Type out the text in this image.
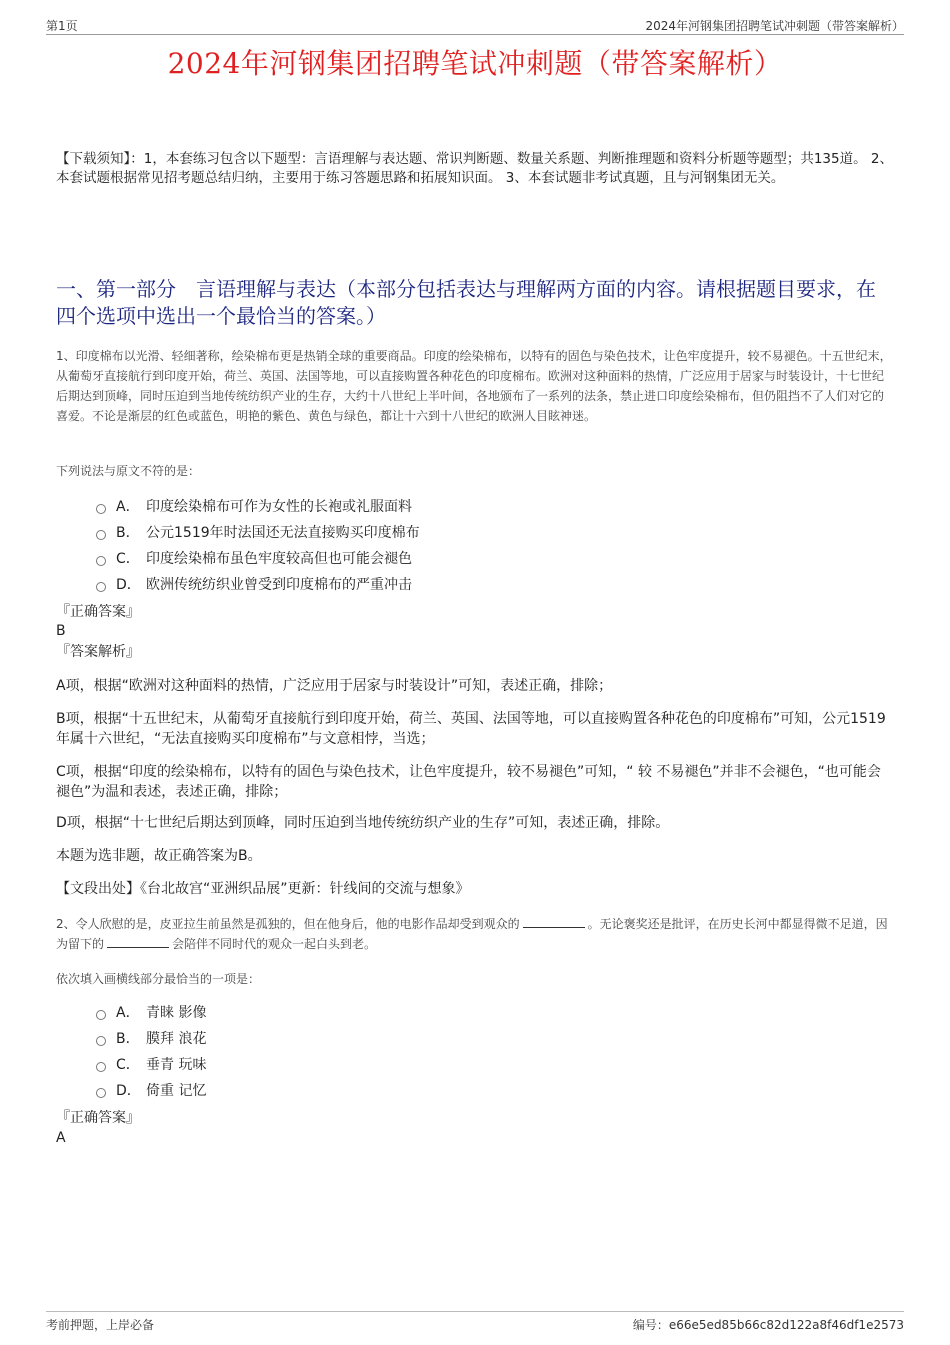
第1页	2024年河钢集团招聘笔试冲刺题（带答案解析）
2024年河钢集团招聘笔试冲刺题（带答案解析）
【下载须知】：1，本套练习包含以下题型：言语理解与表达题、常识判断题、数量关系题、判断推理题和资料分析题等题型；共135道。 2、本套试题根据常见招考题总结归纳，主要用于练习答题思路和拓展知识面。 3、本套试题非考试真题，且与河钢集团无关。
一、第一部分　言语理解与表达（本部分包括表达与理解两方面的内容。请根据题目要求，在四个选项中选出一个最恰当的答案。）
1、印度棉布以光滑、轻细著称，绘染棉布更是热销全球的重要商品。印度的绘染棉布，以特有的固色与染色技术，让色牢度提升，较不易褪色。十五世纪末，从葡萄牙直接航行到印度开始，荷兰、英国、法国等地，可以直接购置各种花色的印度棉布。欧洲对这种面料的热情，广泛应用于居家与时装设计，十七世纪后期达到顶峰，同时压迫到当地传统纺织产业的生存，大约十八世纪上半叶间，各地颁布了一系列的法条，禁止进口印度绘染棉布，但仍阻挡不了人们对它的喜爱。不论是渐层的红色或蓝色，明艳的紫色、黄色与绿色，都让十六到十八世纪的欧洲人目眩神迷。
下列说法与原文不符的是：
A． 印度绘染棉布可作为女性的长袍或礼服面料
B． 公元1519年时法国还无法直接购买印度棉布
C． 印度绘染棉布虽色牢度较高但也可能会褪色
D． 欧洲传统纺织业曾受到印度棉布的严重冲击
『正确答案』
B
『答案解析』
A项，根据“欧洲对这种面料的热情，广泛应用于居家与时装设计”可知，表述正确，排除；
B项，根据“十五世纪末，从葡萄牙直接航行到印度开始，荷兰、英国、法国等地，可以直接购置各种花色的印度棉布”可知，公元1519年属十六世纪，“无法直接购买印度棉布”与文意相悖，当选；
C项，根据“印度的绘染棉布，以特有的固色与染色技术，让色牢度提升，较不易褪色”可知，“ 较 不易褪色”并非不会褪色，“也可能会褪色”为温和表述，表述正确，排除；
D项，根据“十七世纪后期达到顶峰，同时压迫到当地传统纺织产业的生存”可知，表述正确，排除。
本题为选非题，故正确答案为B。
【文段出处】《台北故宫“亚洲织品展”更新：针线间的交流与想象》
2、令人欣慰的是，皮亚拉生前虽然是孤独的，但在他身后，他的电影作品却受到观众的	。无论褒奖还是批评，在历史长河中都显得微不足道，因为留下的	会陪伴不同时代的观众一起白头到老。
依次填入画横线部分最恰当的一项是：
A． 青睐 影像
B． 膜拜 浪花
C． 垂青 玩味
D． 倚重 记忆
『正确答案』
A
考前押题，上岸必备	编号：e66e5ed85b66c82d122a8f46df1e2573
